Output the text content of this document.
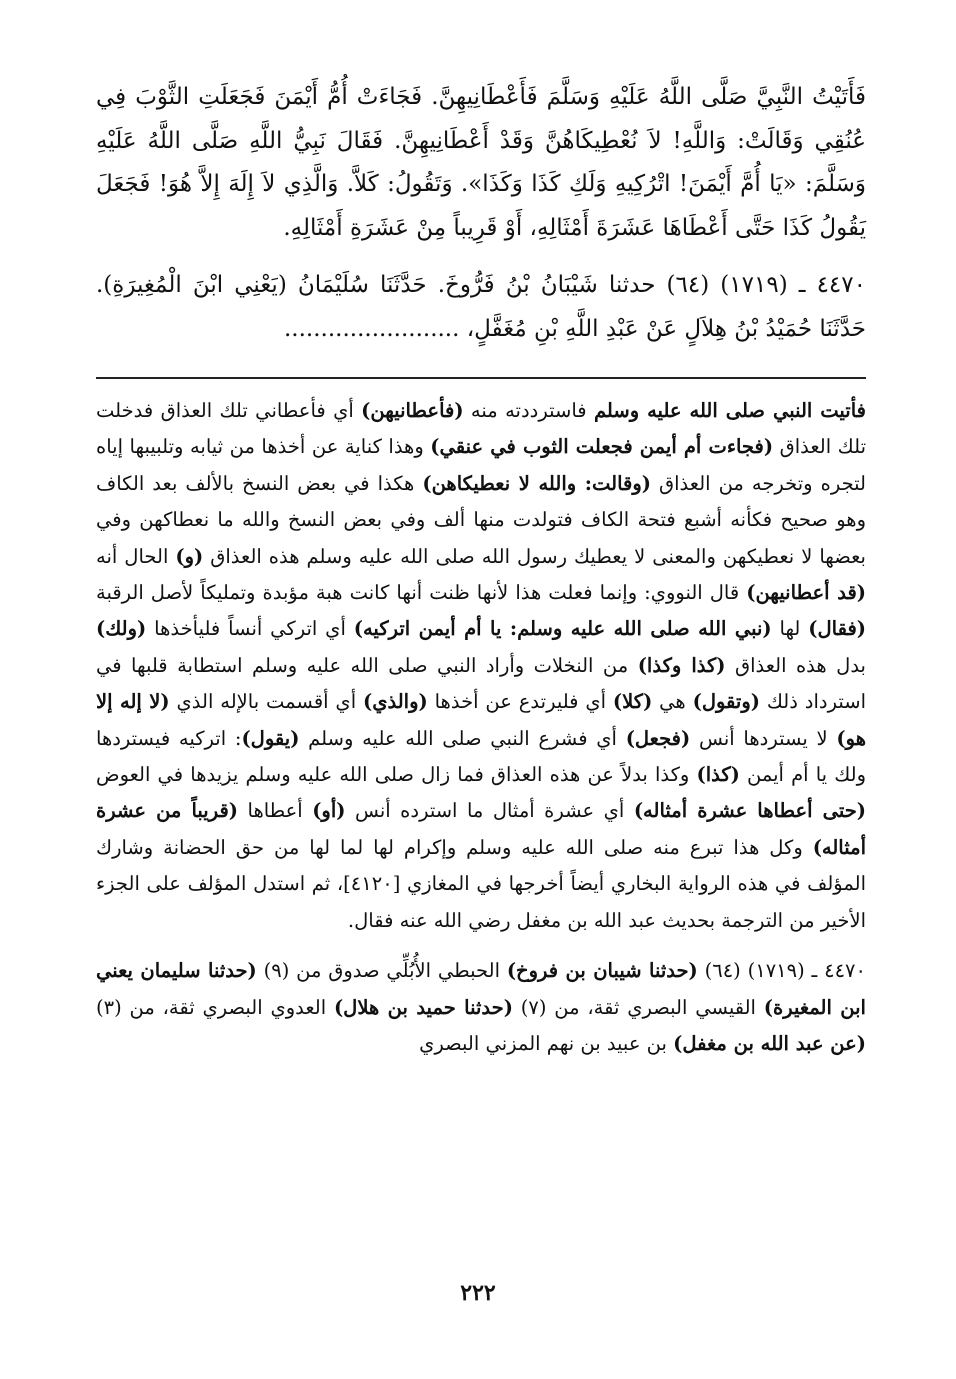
فَأَتَيْتُ النَّبِيَّ صَلَّى اللَّهُ عَلَيْهِ وَسَلَّمَ فَأَعْطَانِيهِنَّ. فَجَاءَتْ أُمُّ أَيْمَنَ فَجَعَلَتِ الثَّوْبَ فِي عُنُقِي وَقَالَتْ: وَاللَّهِ! لاَ نُعْطِيكَاهُنَّ وَقَدْ أَعْطَانِيهِنَّ. فَقَالَ نَبِيُّ اللَّهِ صَلَّى اللَّهُ عَلَيْهِ وَسَلَّمَ: «يَا أُمَّ أَيْمَنَ! اتْرُكِيهِ وَلَكِ كَذَا وَكَذَا». وَتَقُولُ: كَلاَّ. وَالَّذِي لاَ إِلَهَ إِلاَّ هُوَ! فَجَعَلَ يَقُولُ كَذَا حَتَّى أَعْطَاهَا عَشَرَةَ أَمْثَالِهِ، أَوْ قَرِيباً مِنْ عَشَرَةِ أَمْثَالِهِ.

٤٤٧٠ ـ (١٧١٩) (٦٤) حدثنا شَيْبَانُ بْنُ فَرُّوخَ. حَدَّثَنَا سُلَيْمَانُ (يَعْنِي ابْنَ الْمُغِيرَةِ). حَدَّثَنَا حُمَيْدُ بْنُ هِلاَلٍ عَنْ عَبْدِ اللَّهِ بْنِ مُغَفَّلٍ، ........................

فأتيت النبي صلى الله عليه وسلم فاسترددته منه (فأعطانيهن) أي فأعطاني تلك العذاق فدخلت تلك العذاق (فجاءت أم أيمن فجعلت الثوب في عنقي) وهذا كناية عن أخذها من ثيابه وتلبيبها إياه لتجره وتخرجه من العذاق (وقالت: والله لا نعطيكاهن) هكذا في بعض النسخ بالألف بعد الكاف وهو صحيح فكأنه أشبع فتحة الكاف فتولدت منها ألف وفي بعض النسخ والله ما نعطاكهن وفي بعضها لا نعطيكهن والمعنى لا يعطيك رسول الله صلى الله عليه وسلم هذه العذاق (و) الحال أنه (قد أعطانيهن) قال النووي: وإنما فعلت هذا لأنها ظنت أنها كانت هبة مؤبدة وتمليكاً لأصل الرقبة (فقال) لها (نبي الله صلى الله عليه وسلم: يا أم أيمن اتركيه) أي اتركي أنساً فليأخذها (ولك) بدل هذه العذاق (كذا وكذا) من النخلات وأراد النبي صلى الله عليه وسلم استطابة قلبها في استرداد ذلك (وتقول) هي (كلا) أي فليرتدع عن أخذها (والذي) أي أقسمت بالإله الذي (لا إله إلا هو) لا يستردها أنس (فجعل) أي فشرع النبي صلى الله عليه وسلم (يقول): اتركيه فيستردها ولك يا أم أيمن (كذا) وكذا بدلاً عن هذه العذاق فما زال صلى الله عليه وسلم يزيدها في العوض (حتى أعطاها عشرة أمثاله) أي عشرة أمثال ما استرده أنس (أو) أعطاها (قريباً من عشرة أمثاله) وكل هذا تبرع منه صلى الله عليه وسلم وإكرام لها لما لها من حق الحضانة وشارك المؤلف في هذه الرواية البخاري أيضاً أخرجها في المغازي [٤١٢٠]، ثم استدل المؤلف على الجزء الأخير من الترجمة بحديث عبد الله بن مغفل رضي الله عنه فقال.

٤٤٧٠ ـ (١٧١٩) (٦٤) (حدثنا شيبان بن فروخ) الحبطي الأُبُلِّي صدوق من (٩) (حدثنا سليمان يعني ابن المغيرة) القيسي البصري ثقة، من (٧) (حدثنا حميد بن هلال) العدوي البصري ثقة، من (٣) (عن عبد الله بن مغفل) بن عبيد بن نهم المزني البصري

٢٢٢
